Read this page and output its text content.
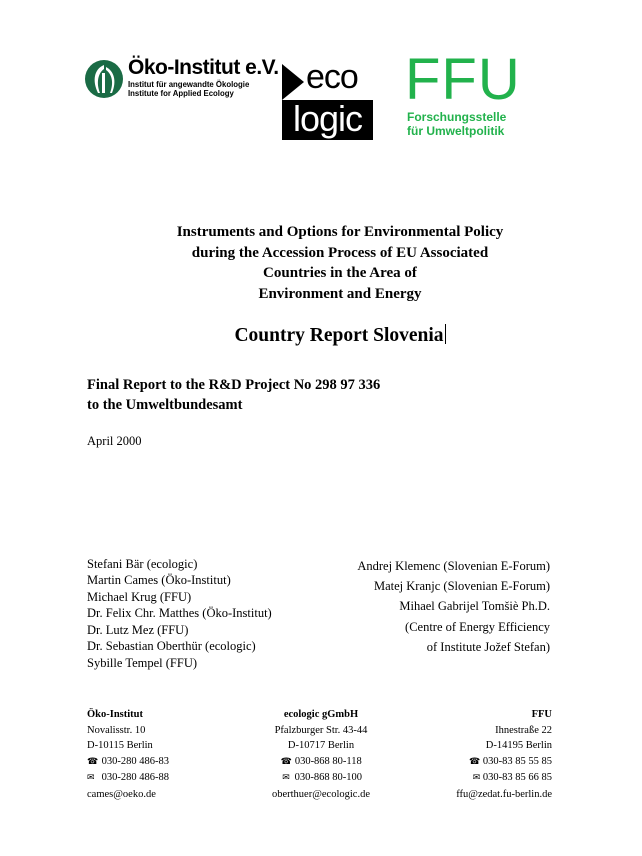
Öko-Institut e.V.
Institut für angewandte Ökologie
Institute for Applied Ecology eco
logic
FFU
Forschungsstelle
für Umweltpolitik
Instruments and Options for Environmental Policy
during the Accession Process of EU Associated
Countries in the Area of
Environment and Energy
Country Report Slovenia
Final Report to the R&D Project No 298 97 336
to the Umweltbundesamt
April 2000
Stefani Bär (ecologic)
Martin Cames (Öko-Institut)
Michael Krug (FFU)
Dr. Felix Chr. Matthes (Öko-Institut)
Dr. Lutz Mez (FFU)
Dr. Sebastian Oberthür (ecologic)
Sybille Tempel (FFU)
Andrej Klemenc (Slovenian E-Forum)
Matej Kranjc (Slovenian E-Forum)
Mihael Gabrijel Tomšiè Ph.D.
(Centre of Energy Efficiency
of Institute Jožef Stefan)
Öko-Institut
Novalisstr. 10
D-10115 Berlin
☎ 030-280 486-83
✉ 030-280 486-88
cames@oeko.de
ecologic gGmbH
Pfalzburger Str. 43-44
D-10717 Berlin
☎ 030-868 80-118
✉ 030-868 80-100
oberthuer@ecologic.de
FFU
Ihnestraße 22
D-14195 Berlin
☎ 030-83 85 55 85
✉ 030-83 85 66 85
ffu@zedat.fu-berlin.de
